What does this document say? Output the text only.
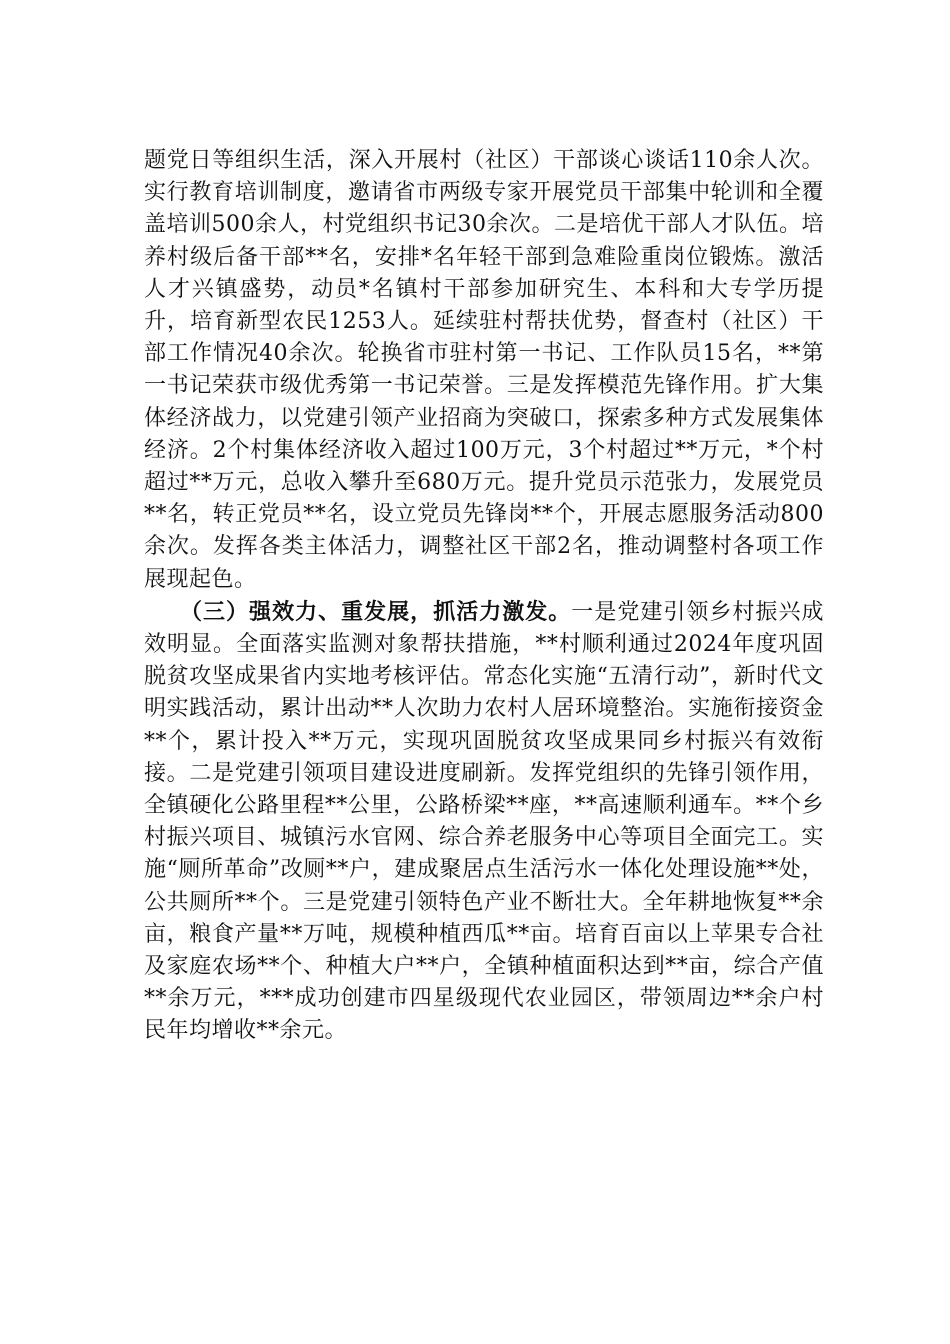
题党日等组织生活，深入开展村（社区）干部谈心谈话110余人次。实行教育培训制度，邀请省市两级专家开展党员干部集中轮训和全覆盖培训500余人，村党组织书记30余次。二是培优干部人才队伍。培养村级后备干部**名，安排*名年轻干部到急难险重岗位锻炼。激活人才兴镇盛势，动员*名镇村干部参加研究生、本科和大专学历提升，培育新型农民1253人。延续驻村帮扶优势，督查村（社区）干部工作情况40余次。轮换省市驻村第一书记、工作队员15名，**第一书记荣获市级优秀第一书记荣誉。三是发挥模范先锋作用。扩大集体经济战力，以党建引领产业招商为突破口，探索多种方式发展集体经济。2个村集体经济收入超过100万元，3个村超过**万元，*个村超过**万元，总收入攀升至680万元。提升党员示范张力，发展党员**名，转正党员**名，设立党员先锋岗**个，开展志愿服务活动800余次。发挥各类主体活力，调整社区干部2名，推动调整村各项工作展现起色。

（三）强效力、重发展，抓活力激发。一是党建引领乡村振兴成效明显。全面落实监测对象帮扶措施，**村顺利通过2024年度巩固脱贫攻坚成果省内实地考核评估。常态化实施“五清行动”，新时代文明实践活动，累计出动**人次助力农村人居环境整治。实施衔接资金**个，累计投入**万元，实现巩固脱贫攻坚成果同乡村振兴有效衔接。二是党建引领项目建设进度刷新。发挥党组织的先锋引领作用，全镇硬化公路里程**公里，公路桥梁**座，**高速顺利通车。**个乡村振兴项目、城镇污水官网、综合养老服务中心等项目全面完工。实施“厕所革命”改厕**户，建成聚居点生活污水一体化处理设施**处，公共厕所**个。三是党建引领特色产业不断壮大。全年耕地恢复**余亩，粮食产量**万吨，规模种植西瓜**亩。培育百亩以上苹果专合社及家庭农场**个、种植大户**户，全镇种植面积达到**亩，综合产值**余万元，***成功创建市四星级现代农业园区，带领周边**余户村民年均增收**余元。
